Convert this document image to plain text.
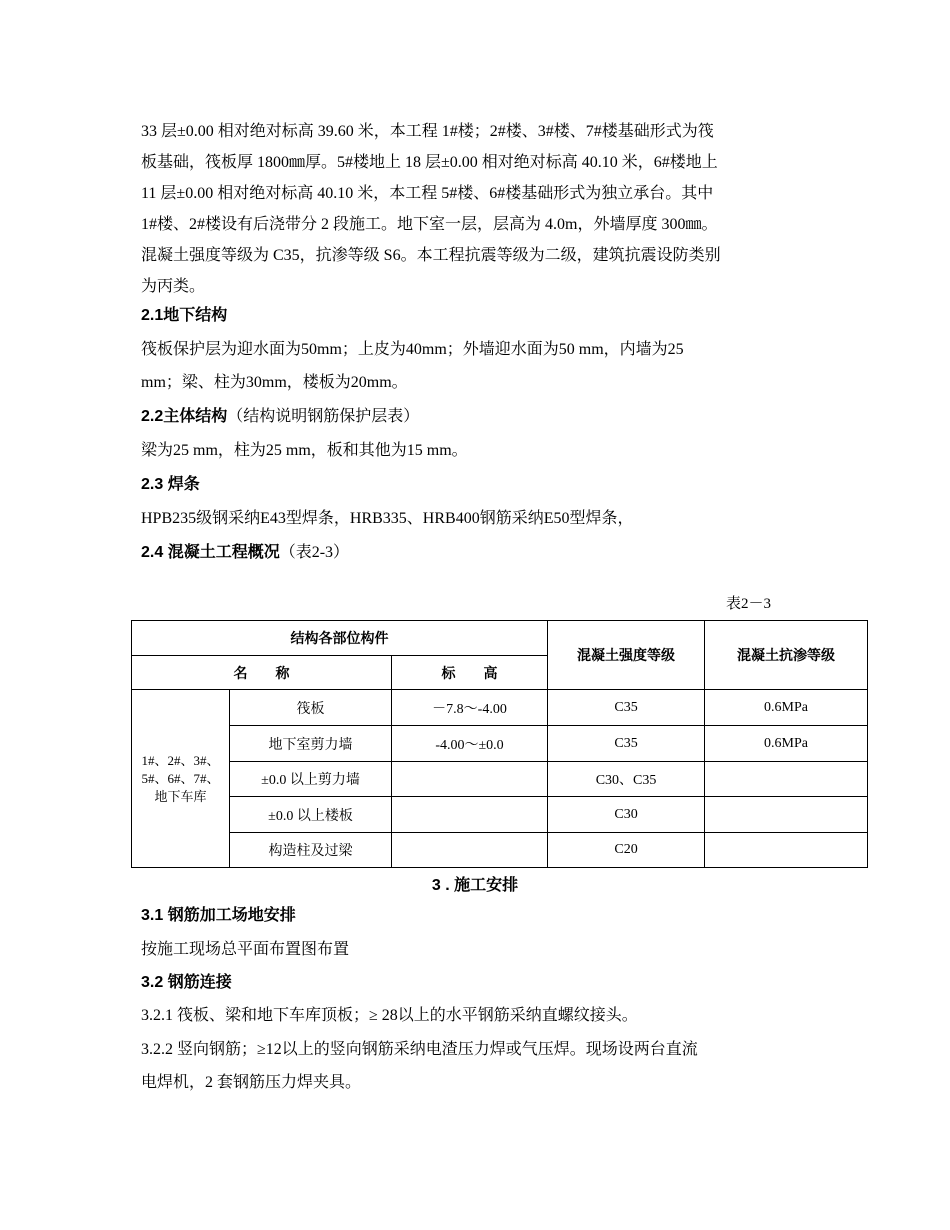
33 层±0.00 相对绝对标高 39.60 米，本工程 1#楼；2#楼、3#楼、7#楼基础形式为筏
板基础，筏板厚 1800㎜厚。5#楼地上 18 层±0.00 相对绝对标高 40.10 米，6#楼地上
11 层±0.00 相对绝对标高 40.10 米，本工程 5#楼、6#楼基础形式为独立承台。其中
1#楼、2#楼设有后浇带分 2 段施工。地下室一层，层高为 4.0m，外墙厚度 300㎜。
混凝土强度等级为 C35，抗渗等级 S6。本工程抗震等级为二级，建筑抗震设防类别
为丙类。
2.1地下结构
筏板保护层为迎水面为50mm；上皮为40mm；外墙迎水面为50 mm，内墙为25
mm；梁、柱为30mm，楼板为20mm。
2.2主体结构（结构说明钢筋保护层表）
梁为25 mm，柱为25 mm，板和其他为15 mm。
2.3 焊条
HPB235级钢采纳E43型焊条，HRB335、HRB400钢筋采纳E50型焊条，
2.4 混凝土工程概况（表2-3）
表2－3
结构各部位构件			混凝土强度等级	混凝土抗渗等级
名　　称		标　　高		
1#、2#、3#、5#、6#、7#、地下车库	筏板	－7.8～-4.00	C35	0.6MPa
	地下室剪力墙	-4.00～±0.0	C35	0.6MPa
	±0.0 以上剪力墙		C30、C35	
	±0.0 以上楼板		C30	
	构造柱及过梁		C20	
3 . 施工安排
3.1 钢筋加工场地安排
按施工现场总平面布置图布置
3.2 钢筋连接
3.2.1 筏板、梁和地下车库顶板；≥ 28以上的水平钢筋采纳直螺纹接头。
3.2.2 竖向钢筋；≥12以上的竖向钢筋采纳电渣压力焊或气压焊。现场设两台直流
电焊机，2 套钢筋压力焊夹具。
